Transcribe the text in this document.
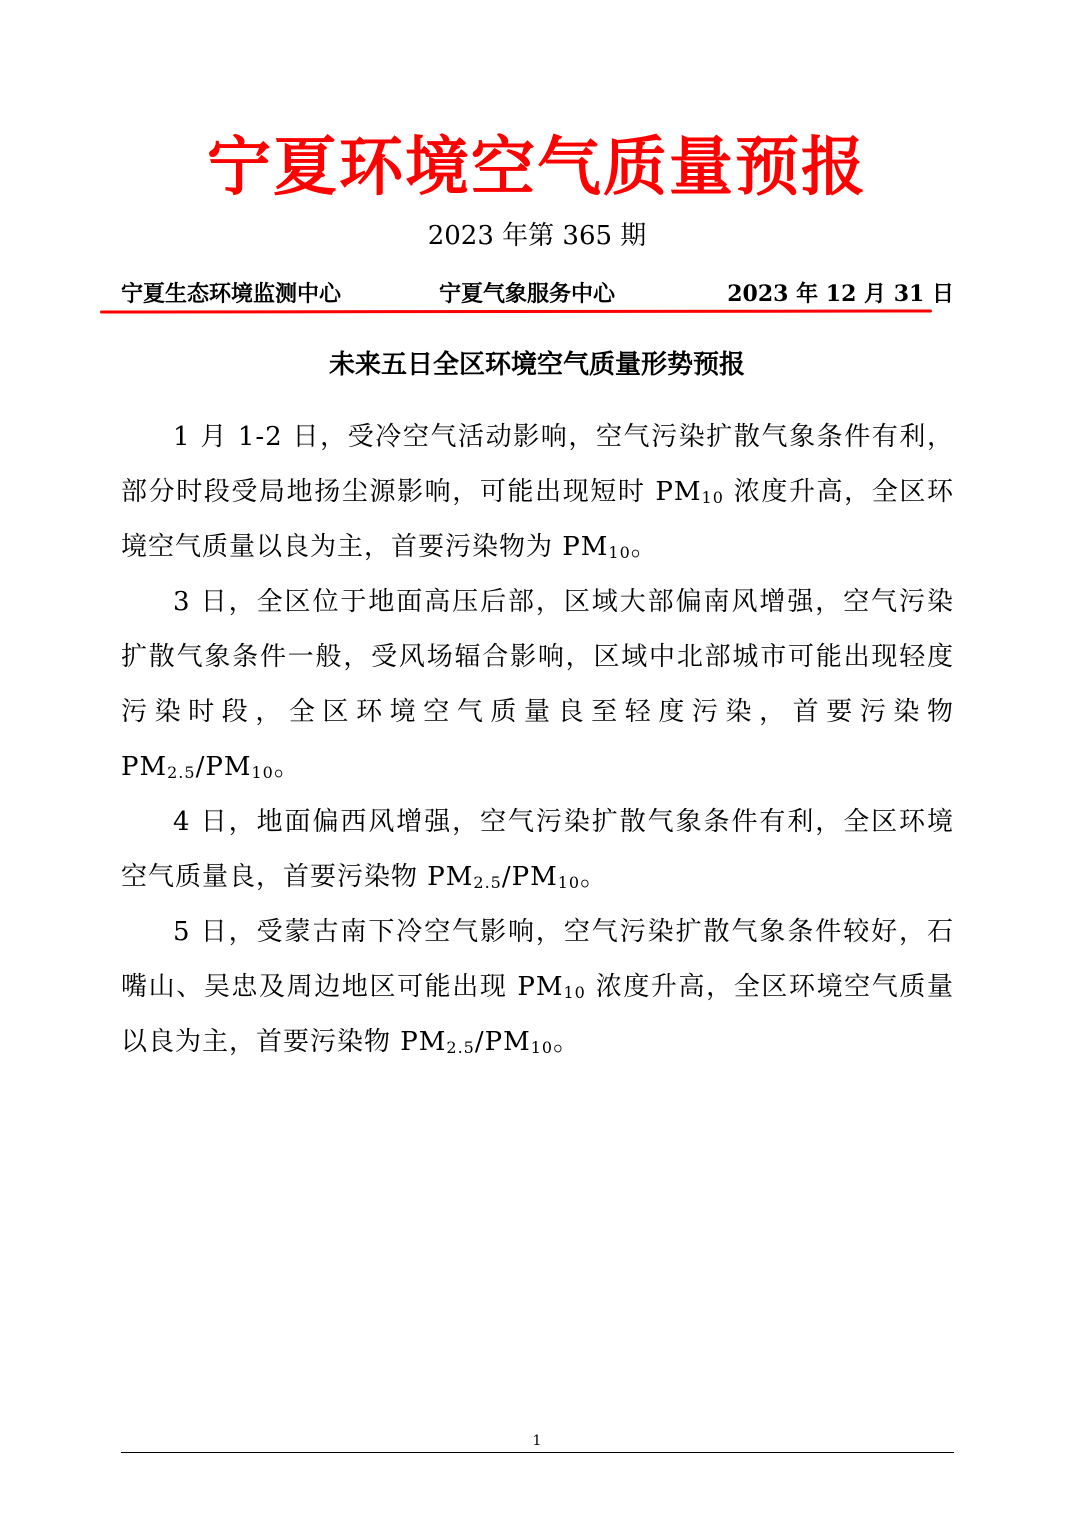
宁夏环境空气质量预报
2023 年第 365 期
宁夏生态环境监测中心	宁夏气象服务中心	2023 年 12 月 31 日
未来五日全区环境空气质量形势预报

1 月 1-2 日，受冷空气活动影响，空气污染扩散气象条件有利，部分时段受局地扬尘源影响，可能出现短时 $PM_{10}$ 浓度升高，全区环境空气质量以良为主，首要污染物为 $PM_{10}$。

3 日，全区位于地面高压后部，区域大部偏南风增强，空气污染扩散气象条件一般，受风场辐合影响，区域中北部城市可能出现轻度污染时段，全区环境空气质量良至轻度污染，首要污染物 $PM_{2.5}/PM_{10}$。

4 日，地面偏西风增强，空气污染扩散气象条件有利，全区环境空气质量良，首要污染物 $PM_{2.5}/PM_{10}$。

5 日，受蒙古南下冷空气影响，空气污染扩散气象条件较好，石嘴山、吴忠及周边地区可能出现 $PM_{10}$ 浓度升高，全区环境空气质量以良为主，首要污染物 $PM_{2.5}/PM_{10}$。

1
